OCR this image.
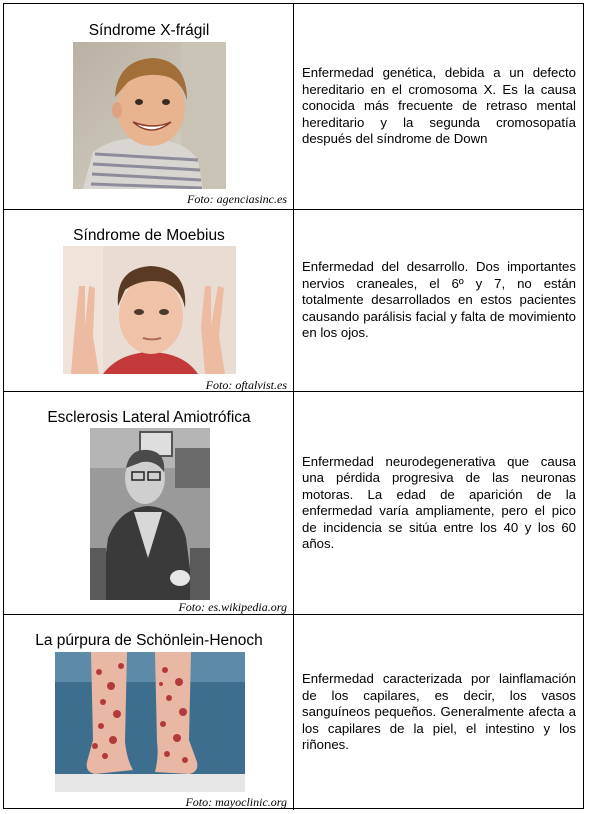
Síndrome X-frágil
Foto: agenciasinc.es
Enfermedad genética, debida a un defecto hereditario en el cromosoma X. Es la causa conocida más frecuente de retraso mental hereditario y la segunda cromosopatía después del síndrome de Down
Síndrome de Moebius
Foto: oftalvist.es
Enfermedad del desarrollo. Dos importantes nervios craneales, el 6º y 7, no están totalmente desarrollados en estos pacientes causando parálisis facial y falta de movimiento en los ojos.
Esclerosis Lateral Amiotrófica
Foto: es.wikipedia.org
Enfermedad neurodegenerativa que causa una pérdida progresiva de las neuronas motoras. La edad de aparición de la enfermedad varía ampliamente, pero el pico de incidencia se sitúa entre los 40 y los 60 años.
La púrpura de Schönlein-Henoch
Foto: mayoclinic.org
Enfermedad caracterizada por lainflamación de los capilares, es decir, los vasos sanguíneos pequeños. Generalmente afecta a los capilares de la piel, el intestino y los riñones.
